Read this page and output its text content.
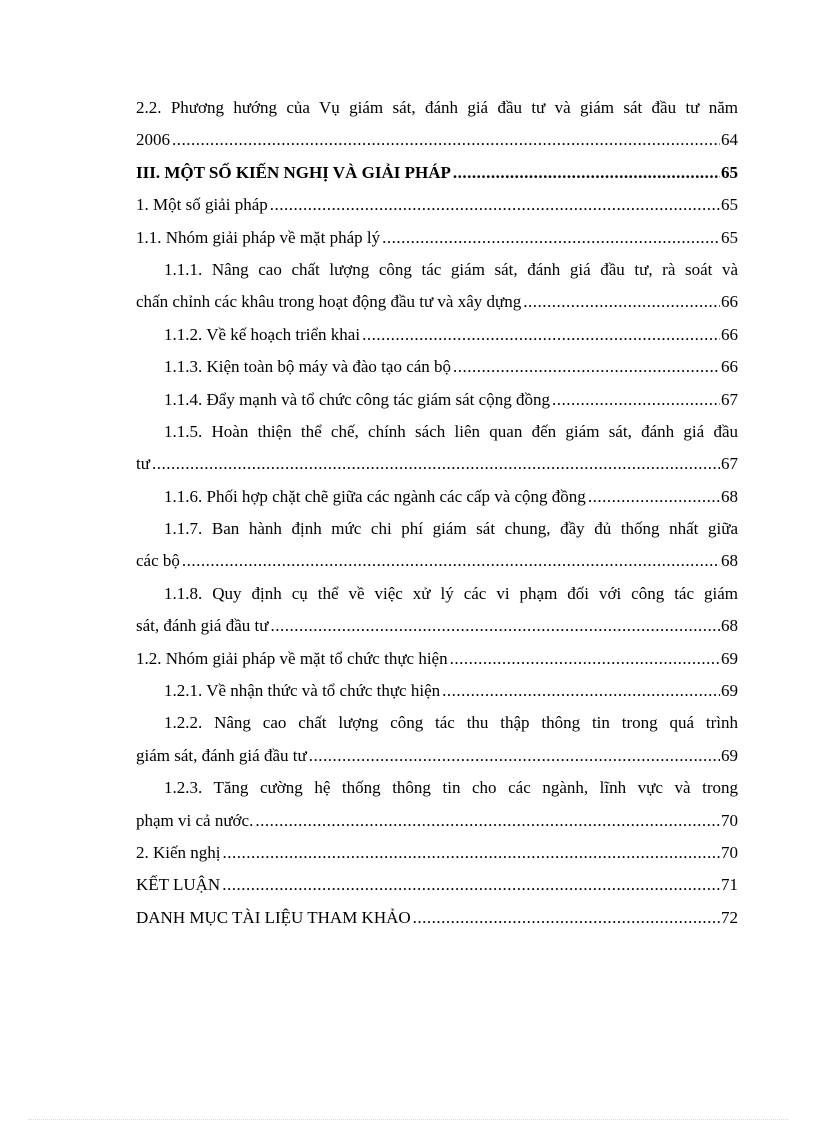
2.2. Phương hướng của Vụ giám sát, đánh giá đầu tư và giám sát đầu tư năm
2006 .....	64
III. MỘT SỐ KIẾN NGHỊ VÀ GIẢI PHÁP .....	65
1. Một số giải pháp .....	65
1.1. Nhóm giải pháp về mặt pháp lý .....	65
1.1.1. Nâng cao chất lượng công tác giám sát, đánh giá đầu tư, rà soát và
chấn chỉnh các khâu trong hoạt động đầu tư và xây dựng .....	66
1.1.2. Về kế hoạch triển khai .....	66
1.1.3. Kiện toàn bộ máy và đào tạo cán bộ .....	66
1.1.4. Đẩy mạnh và tổ chức công tác giám sát cộng đồng .....	67
1.1.5. Hoàn thiện thể chế, chính sách liên quan đến giám sát, đánh giá đầu
tư .....	67
1.1.6. Phối hợp chặt chẽ giữa các ngành các cấp và cộng đồng .....	68
1.1.7. Ban hành định mức chi phí giám sát chung, đầy đủ thống nhất giữa
các bộ .....	68
1.1.8. Quy định cụ thể về việc xử lý các vi phạm đối với công tác giám
sát, đánh giá đầu tư .....	68
1.2. Nhóm giải pháp về mặt tổ chức thực hiện .....	69
1.2.1. Về nhận thức và tổ chức thực hiện .....	69
1.2.2. Nâng cao chất lượng công tác thu thập thông tin trong quá trình
giám sát, đánh giá đầu tư .....	69
1.2.3. Tăng cường hệ thống thông tin cho các ngành, lĩnh vực và trong
phạm vi cả nước. .....	70
2. Kiến nghị .....	70
KẾT LUẬN .....	71
DANH MỤC TÀI LIỆU THAM KHẢO .....	72
